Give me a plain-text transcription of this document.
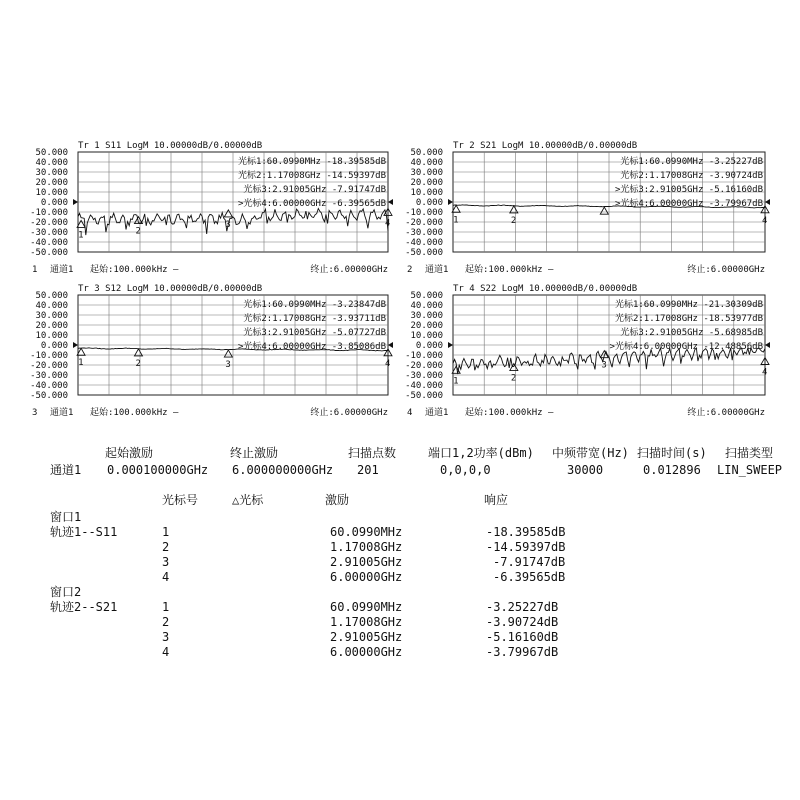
Tr 1 S11 LogM 10.00000dB/0.00000dB
50.000
40.000
30.000
20.000
10.000
0.000
-10.000
-20.000
-30.000
-40.000
-50.000
光标1:60.0990MHz -18.39585dB
1
光标2:1.17008GHz -14.59397dB
2
光标3:2.91005GHz -7.91747dB
3
>光标4:6.00000GHz -6.39565dB
4
1 通道1 起始:100.000kHz —	终止:6.00000GHz
Tr 2 S21 LogM 10.00000dB/0.00000dB
50.000
40.000
30.000
20.000
10.000
0.000
-10.000
-20.000
-30.000
-40.000
-50.000
光标1:60.0990MHz -3.25227dB
1
光标2:1.17008GHz -3.90724dB
2
>光标3:2.91005GHz -5.16160dB
>光标4:6.00000GHz -3.79967dB
4
2 通道1 起始:100.000kHz —	终止:6.00000GHz
Tr 3 S12 LogM 10.00000dB/0.00000dB
50.000
40.000
30.000
20.000
10.000
0.000
-10.000
-20.000
-30.000
-40.000
-50.000
光标1:60.0990MHz -3.23847dB
1
光标2:1.17008GHz -3.93711dB
2
光标3:2.91005GHz -5.07727dB
3
>光标4:6.00000GHz -3.85086dB
4
3 通道1 起始:100.000kHz —	终止:6.00000GHz
Tr 4 S22 LogM 10.00000dB/0.00000dB
50.000
40.000
30.000
20.000
10.000
0.000
-10.000
-20.000
-30.000
-40.000
-50.000
光标1:60.0990MHz -21.30309dB
1
光标2:1.17008GHz -18.53977dB
2
光标3:2.91005GHz -5.68985dB
3
>光标4:6.00000GHz -12.48856dB
4
4 通道1 起始:100.000kHz —	终止:6.00000GHz
起始激励	终止激励	扫描点数	端口1,2功率(dBm) 中频带宽(Hz) 扫描时间(s) 扫描类型
通道1 0.000100000GHz 6.000000000GHz 201	0,0,0,0	30000	0.012896 LIN_SWEEP
光标号	△光标	激励	响应
窗口1
轨迹1--S11	1	60.0990MHz	-18.39585dB
2	1.17008GHz	-14.59397dB
3	2.91005GHz	-7.91747dB
4	6.00000GHz	-6.39565dB
窗口2
轨迹2--S21	1	60.0990MHz	-3.25227dB
2	1.17008GHz	-3.90724dB
3	2.91005GHz	-5.16160dB
4	6.00000GHz	-3.79967dB
